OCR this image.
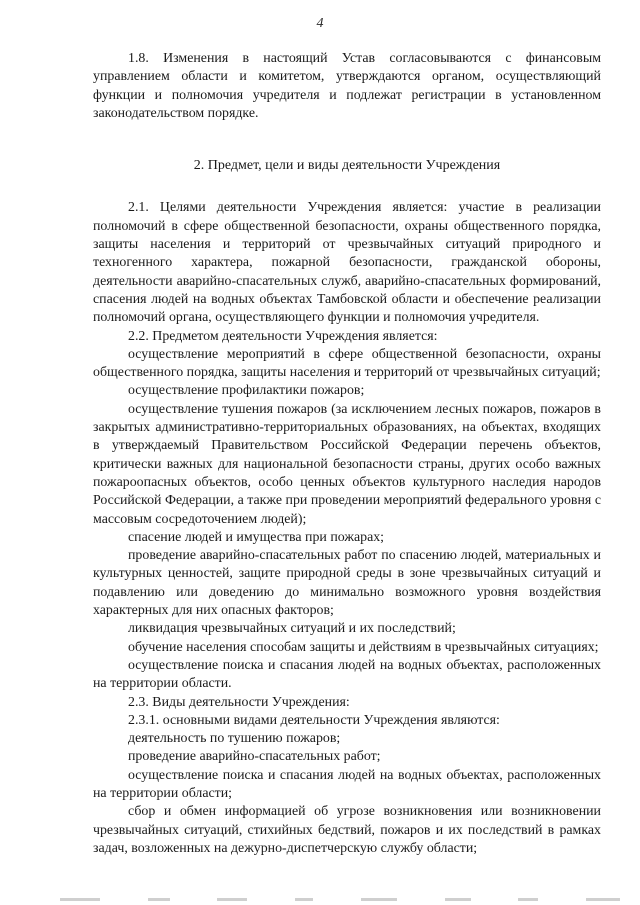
4

1.8. Изменения в настоящий Устав согласовываются с финансовым управлением области и комитетом, утверждаются органом, осуществляющий функции и полномочия учредителя и подлежат регистрации в установленном законодательством порядке.

2. Предмет, цели и виды деятельности Учреждения

2.1. Целями деятельности Учреждения является: участие в реализации полномочий в сфере общественной безопасности, охраны общественного порядка, защиты населения и территорий от чрезвычайных ситуаций природного и техногенного характера, пожарной безопасности, гражданской обороны, деятельности аварийно-спасательных служб, аварийно-спасательных формирований, спасения людей на водных объектах Тамбовской области и обеспечение реализации полномочий органа, осуществляющего функции и полномочия учредителя.

2.2. Предметом деятельности Учреждения является:

осуществление мероприятий в сфере общественной безопасности, охраны общественного порядка, защиты населения и территорий от чрезвычайных ситуаций;

осуществление профилактики пожаров;

осуществление тушения пожаров (за исключением лесных пожаров, пожаров в закрытых административно-территориальных образованиях, на объектах, входящих в утверждаемый Правительством Российской Федерации перечень объектов, критически важных для национальной безопасности страны, других особо важных пожароопасных объектов, особо ценных объектов культурного наследия народов Российской Федерации, а также при проведении мероприятий федерального уровня с массовым сосредоточением людей);

спасение людей и имущества при пожарах;

проведение аварийно-спасательных работ по спасению людей, материальных и культурных ценностей, защите природной среды в зоне чрезвычайных ситуаций и подавлению или доведению до минимально возможного уровня воздействия характерных для них опасных факторов;

ликвидация чрезвычайных ситуаций и их последствий;

обучение населения способам защиты и действиям в чрезвычайных ситуациях;

осуществление поиска и спасания людей на водных объектах, расположенных на территории области.

2.3. Виды деятельности Учреждения:

2.3.1. основными видами деятельности Учреждения являются:

деятельность по тушению пожаров;

проведение аварийно-спасательных работ;

осуществление поиска и спасания людей на водных объектах, расположенных на территории области;

сбор и обмен информацией об угрозе возникновения или возникновении чрезвычайных ситуаций, стихийных бедствий, пожаров и их последствий в рамках задач, возложенных на дежурно-диспетчерскую службу области;
